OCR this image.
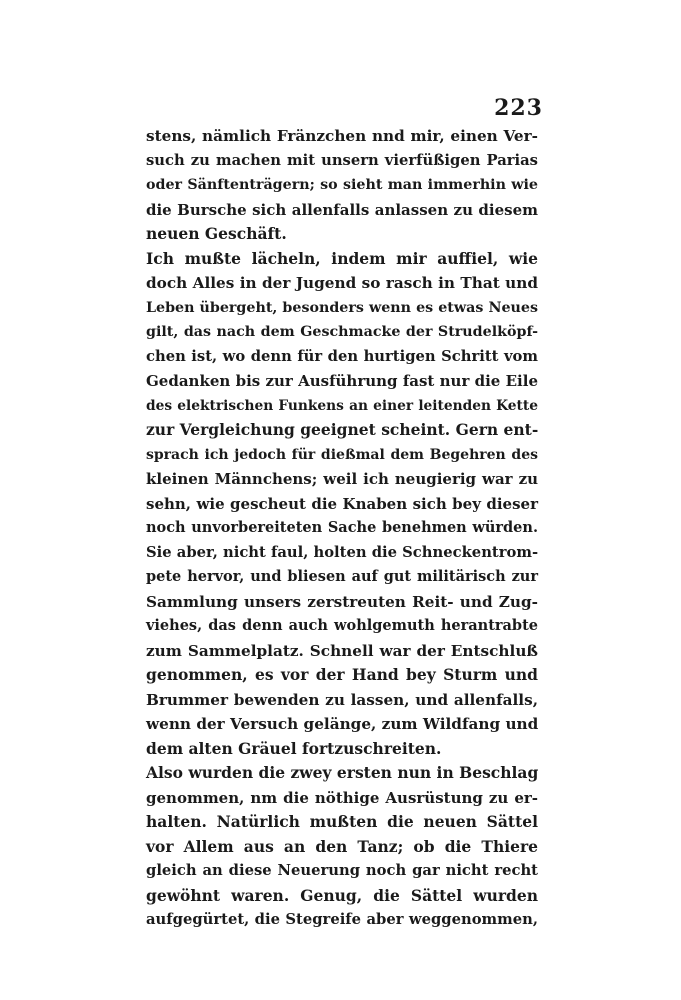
223
stens, nämlich Fränzchen nnd mir, einen Ver-
such zu machen mit unsern vierfüßigen Parias
oder Sänftenträgern; so sieht man immerhin wie
die Bursche sich allenfalls anlassen zu diesem
neuen Geschäft.
Ich mußte lächeln, indem mir auffiel, wie
doch Alles in der Jugend so rasch in That und
Leben übergeht, besonders wenn es etwas Neues
gilt, das nach dem Geschmacke der Strudelköpf-
chen ist, wo denn für den hurtigen Schritt vom
Gedanken bis zur Ausführung fast nur die Eile
des elektrischen Funkens an einer leitenden Kette
zur Vergleichung geeignet scheint. Gern ent-
sprach ich jedoch für dießmal dem Begehren des
kleinen Männchens; weil ich neugierig war zu
sehn, wie gescheut die Knaben sich bey dieser
noch unvorbereiteten Sache benehmen würden.
Sie aber, nicht faul, holten die Schneckentrom-
pete hervor, und bliesen auf gut militärisch zur
Sammlung unsers zerstreuten Reit- und Zug-
viehes, das denn auch wohlgemuth herantrabte
zum Sammelplatz. Schnell war der Entschluß
genommen, es vor der Hand bey Sturm und
Brummer bewenden zu lassen, und allenfalls,
wenn der Versuch gelänge, zum Wildfang und
dem alten Gräuel fortzuschreiten.
Also wurden die zwey ersten nun in Beschlag
genommen, nm die nöthige Ausrüstung zu er-
halten. Natürlich mußten die neuen Sättel
vor Allem aus an den Tanz; ob die Thiere
gleich an diese Neuerung noch gar nicht recht
gewöhnt waren. Genug, die Sättel wurden
aufgegürtet, die Stegreife aber weggenommen,
